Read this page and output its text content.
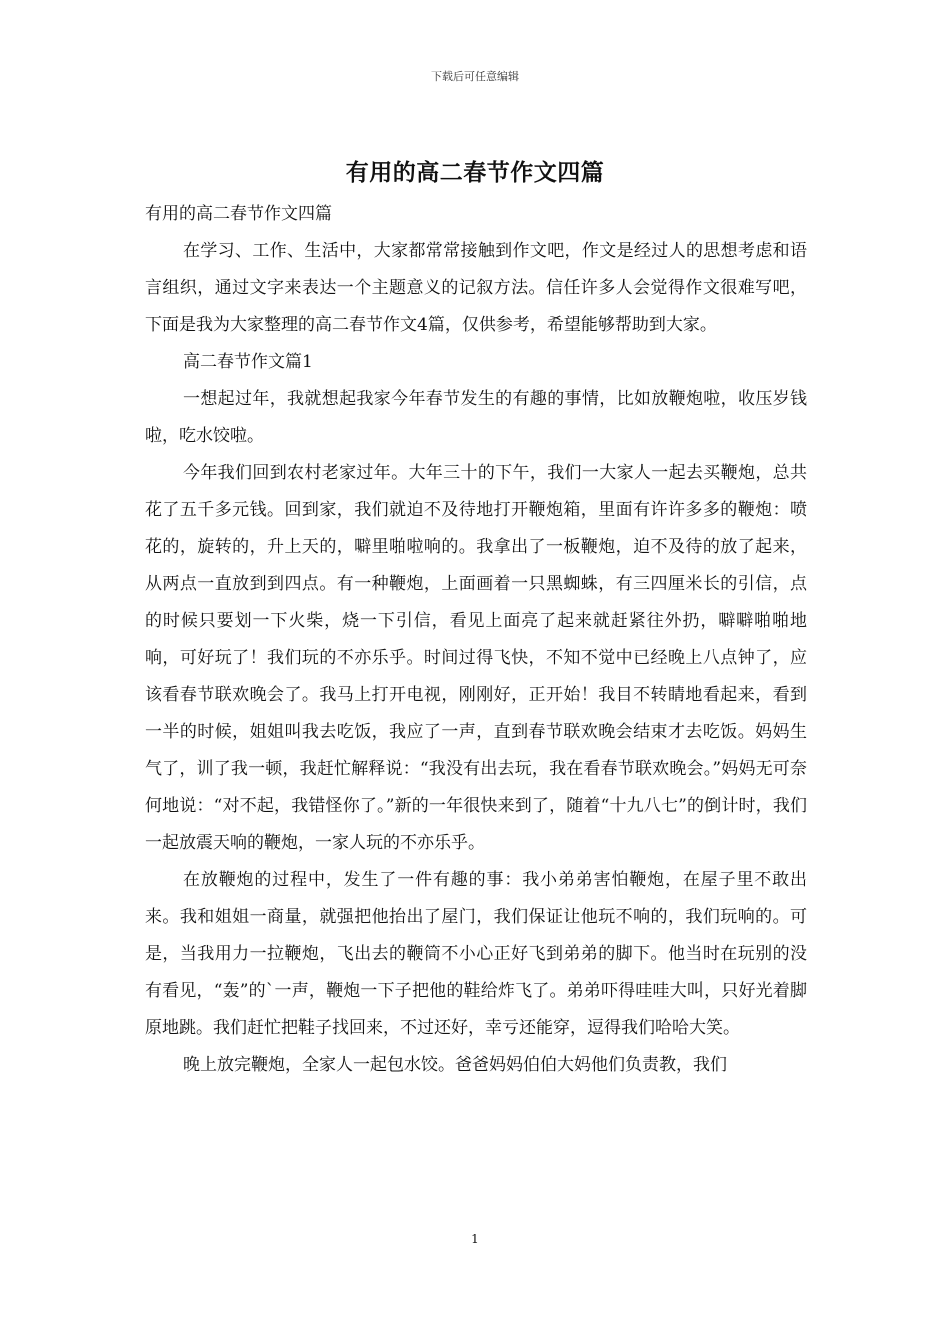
下载后可任意编辑
有用的高二春节作文四篇

有用的高二春节作文四篇

在学习、工作、生活中，大家都常常接触到作文吧，作文是经过人的思想考虑和语言组织，通过文字来表达一个主题意义的记叙方法。信任许多人会觉得作文很难写吧，下面是我为大家整理的高二春节作文4篇，仅供参考，希望能够帮助到大家。

高二春节作文篇1

一想起过年，我就想起我家今年春节发生的有趣的事情，比如放鞭炮啦，收压岁钱啦，吃水饺啦。

今年我们回到农村老家过年。大年三十的下午，我们一大家人一起去买鞭炮，总共花了五千多元钱。回到家，我们就迫不及待地打开鞭炮箱，里面有许许多多的鞭炮：喷花的，旋转的，升上天的，噼里啪啦响的。我拿出了一板鞭炮，迫不及待的放了起来，从两点一直放到到四点。有一种鞭炮，上面画着一只黑蜘蛛，有三四厘米长的引信，点的时候只要划一下火柴，烧一下引信，看见上面亮了起来就赶紧往外扔，噼噼啪啪地响，可好玩了！我们玩的不亦乐乎。时间过得飞快，不知不觉中已经晚上八点钟了，应该看春节联欢晚会了。我马上打开电视，刚刚好，正开始！我目不转睛地看起来，看到一半的时候，姐姐叫我去吃饭，我应了一声，直到春节联欢晚会结束才去吃饭。妈妈生气了，训了我一顿，我赶忙解释说：“我没有出去玩，我在看春节联欢晚会。”妈妈无可奈何地说：“对不起，我错怪你了。”新的一年很快来到了，随着“十九八七”的倒计时，我们一起放震天响的鞭炮，一家人玩的不亦乐乎。

在放鞭炮的过程中，发生了一件有趣的事：我小弟弟害怕鞭炮，在屋子里不敢出来。我和姐姐一商量，就强把他抬出了屋门，我们保证让他玩不响的，我们玩响的。可是，当我用力一拉鞭炮，飞出去的鞭筒不小心正好飞到弟弟的脚下。他当时在玩别的没有看见，“轰”的`一声，鞭炮一下子把他的鞋给炸飞了。弟弟吓得哇哇大叫，只好光着脚原地跳。我们赶忙把鞋子找回来，不过还好，幸亏还能穿，逗得我们哈哈大笑。

晚上放完鞭炮，全家人一起包水饺。爸爸妈妈伯伯大妈他们负责教，我们

1
